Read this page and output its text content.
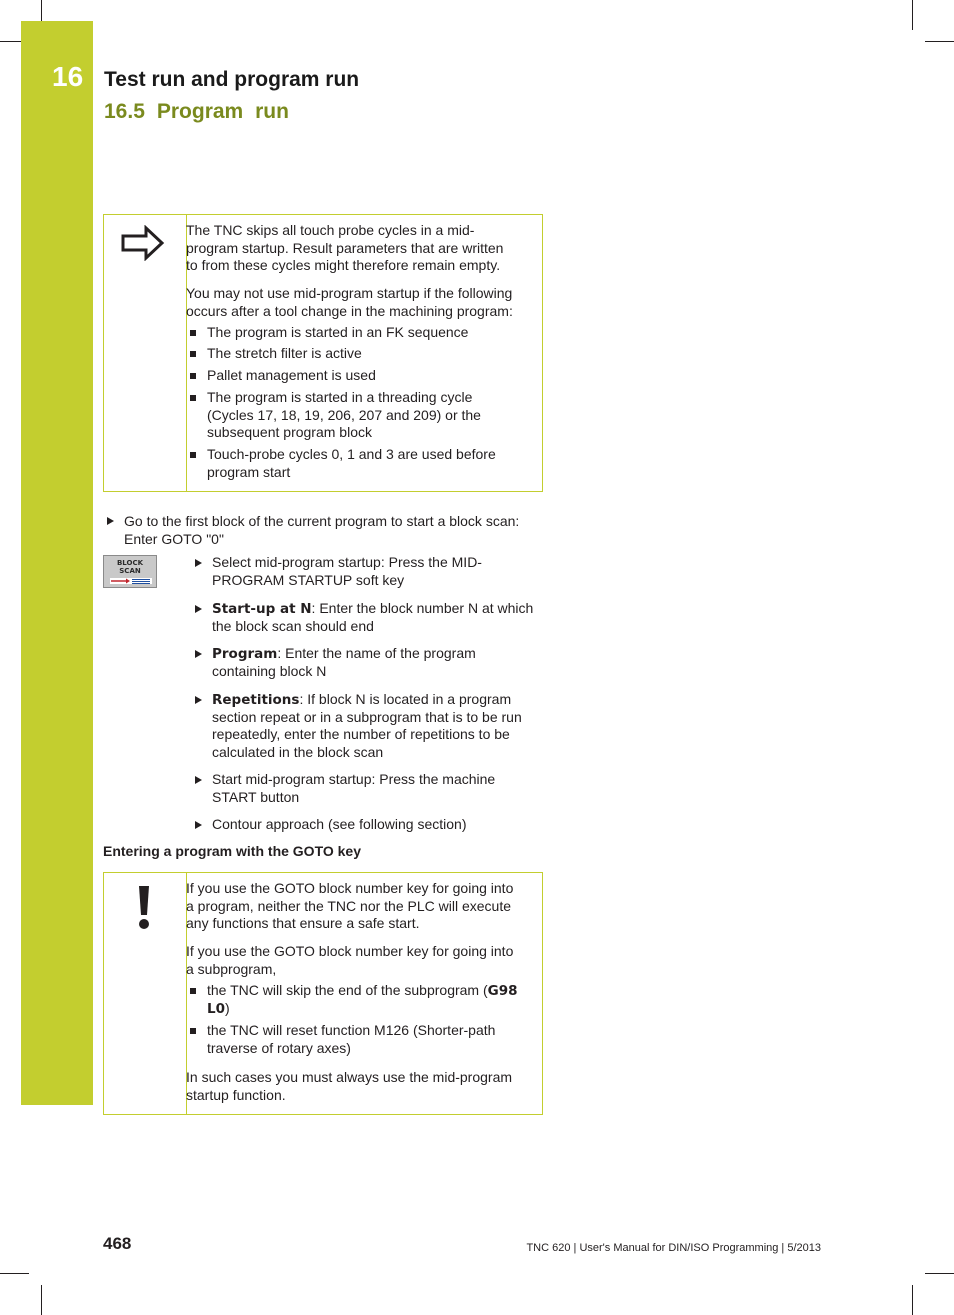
16 Test run and program run
16.5 Program run
The TNC skips all touch probe cycles in a mid-
program startup. Result parameters that are written
to from these cycles might therefore remain empty.
You may not use mid-program startup if the following
occurs after a tool change in the machining program:
The program is started in an FK sequence
The stretch filter is active
Pallet management is used
The program is started in a threading cycle
(Cycles 17, 18, 19, 206, 207 and 209) or the
subsequent program block
Touch-probe cycles 0, 1 and 3 are used before
program start
Go to the first block of the current program to start a block scan:
Enter GOTO "0"
BLOCK
SCAN
Select mid-program startup: Press the MID-
PROGRAM STARTUP soft key
Start-up at N: Enter the block number N at which
the block scan should end
Program: Enter the name of the program
containing block N
Repetitions: If block N is located in a program
section repeat or in a subprogram that is to be run
repeatedly, enter the number of repetitions to be
calculated in the block scan
Start mid-program startup: Press the machine
START button
Contour approach (see following section)
Entering a program with the GOTO key
If you use the GOTO block number key for going into
a program, neither the TNC nor the PLC will execute
any functions that ensure a safe start.
If you use the GOTO block number key for going into
a subprogram,
the TNC will skip the end of the subprogram (G98
L0)
the TNC will reset function M126 (Shorter-path
traverse of rotary axes)
In such cases you must always use the mid-program
startup function.
468	TNC 620 | User's Manual for DIN/ISO Programming | 5/2013
